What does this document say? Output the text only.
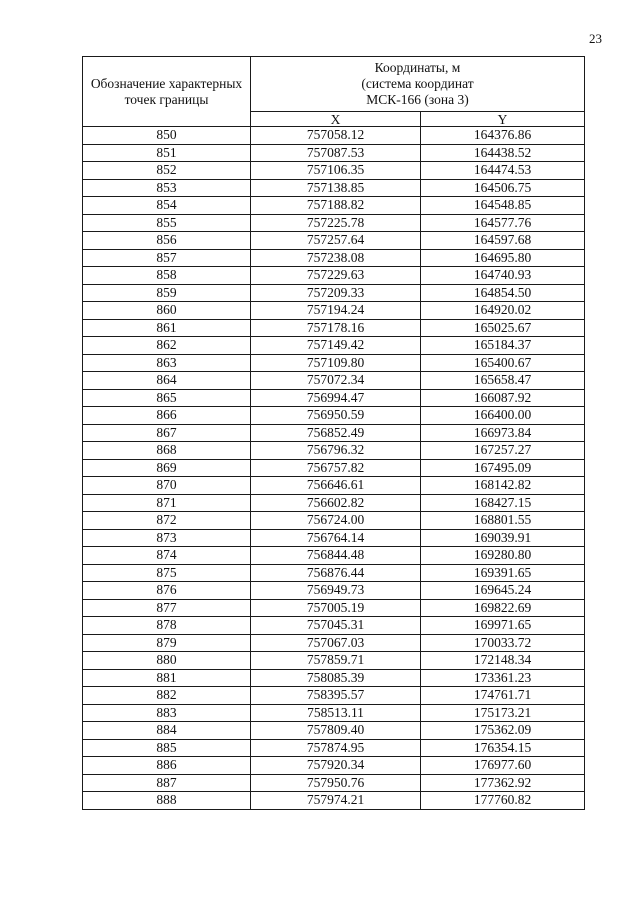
23
Обозначение характерных точек границы	Координаты, м
(система координат
МСК-166 (зона 3)	

	X	Y
850	757058.12	164376.86
851	757087.53	164438.52
852	757106.35	164474.53
853	757138.85	164506.75
854	757188.82	164548.85
855	757225.78	164577.76
856	757257.64	164597.68
857	757238.08	164695.80
858	757229.63	164740.93
859	757209.33	164854.50
860	757194.24	164920.02
861	757178.16	165025.67
862	757149.42	165184.37
863	757109.80	165400.67
864	757072.34	165658.47
865	756994.47	166087.92
866	756950.59	166400.00
867	756852.49	166973.84
868	756796.32	167257.27
869	756757.82	167495.09
870	756646.61	168142.82
871	756602.82	168427.15
872	756724.00	168801.55
873	756764.14	169039.91
874	756844.48	169280.80
875	756876.44	169391.65
876	756949.73	169645.24
877	757005.19	169822.69
878	757045.31	169971.65
879	757067.03	170033.72
880	757859.71	172148.34
881	758085.39	173361.23
882	758395.57	174761.71
883	758513.11	175173.21
884	757809.40	175362.09
885	757874.95	176354.15
886	757920.34	176977.60
887	757950.76	177362.92
888	757974.21	177760.82
